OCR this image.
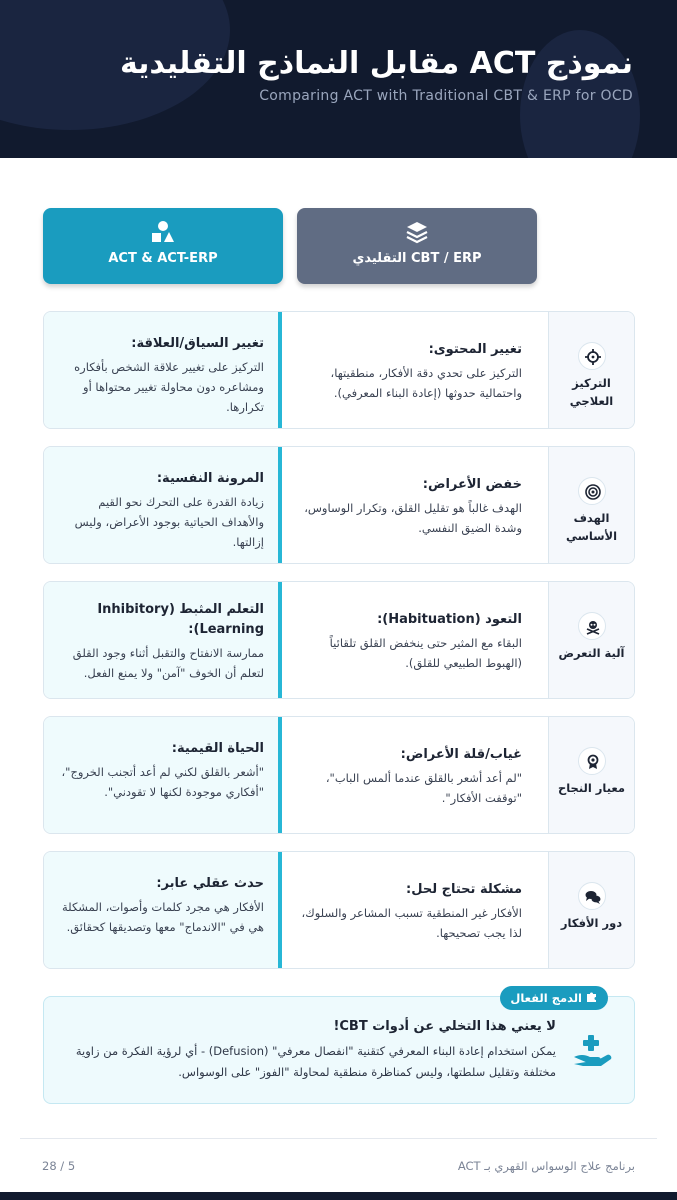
نموذج ACT مقابل النماذج التقليدية
Comparing ACT with Traditional CBT & ERP for OCD
ACT & ACT-ERP	CBT / ERP التقليدي
تغيير السياق/العلاقة:
التركيز على تغيير علاقة الشخص بأفكاره ومشاعره دون محاولة تغيير محتواها أو تكرارها.
تغيير المحتوى:
التركيز على تحدي دقة الأفكار، منطقيتها، واحتمالية حدوثها (إعادة البناء المعرفي).
التركيز العلاجي
المرونة النفسية:
زيادة القدرة على التحرك نحو القيم والأهداف الحياتية بوجود الأعراض، وليس إزالتها.
خفض الأعراض:
الهدف غالباً هو تقليل القلق، وتكرار الوساوس، وشدة الضيق النفسي.
الهدف الأساسي
التعلم المثبط (Inhibitory Learning):
ممارسة الانفتاح والتقبل أثناء وجود القلق لتعلم أن الخوف "آمن" ولا يمنع الفعل.
التعود (Habituation):
البقاء مع المثير حتى ينخفض القلق تلقائياً (الهبوط الطبيعي للقلق).
آلية التعرض
الحياة القيمية:
"أشعر بالقلق لكني لم أعد أتجنب الخروج"، "أفكاري موجودة لكنها لا تقودني".
غياب/قلة الأعراض:
"لم أعد أشعر بالقلق عندما ألمس الباب"، "توقفت الأفكار".
معيار النجاح
حدث عقلي عابر:
الأفكار هي مجرد كلمات وأصوات، المشكلة هي في "الاندماج" معها وتصديقها كحقائق.
مشكلة تحتاج لحل:
الأفكار غير المنطقية تسبب المشاعر والسلوك، لذا يجب تصحيحها.
دور الأفكار
الدمج الفعال
لا يعني هذا التخلي عن أدوات CBT!
يمكن استخدام إعادة البناء المعرفي كتقنية "انفصال معرفي" (Defusion) - أي لرؤية الفكرة من زاوية مختلفة وتقليل سلطتها، وليس كمناظرة منطقية لمحاولة "الفوز" على الوسواس.
28 / 5	برنامج علاج الوسواس القهري بـ ACT
